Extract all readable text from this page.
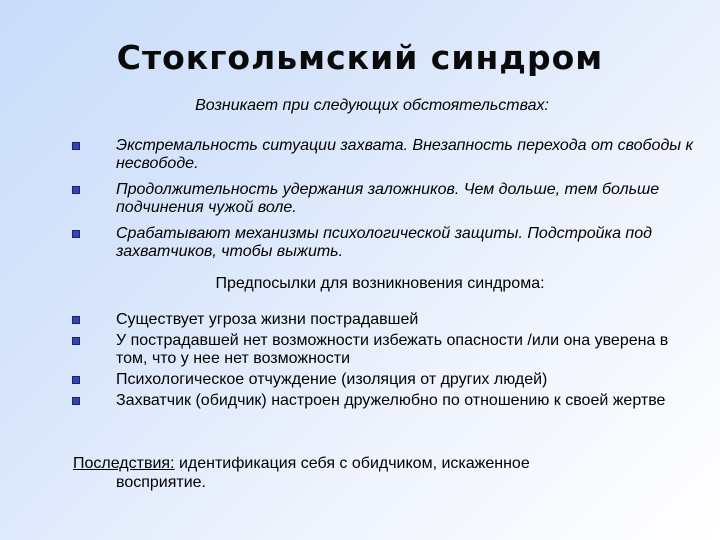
Стокгольмский синдром
Возникает при следующих обстоятельствах:
Экстремальность ситуации захвата. Внезапность перехода от свободы к несвободе.
Продолжительность удержания заложников. Чем дольше, тем больше подчинения чужой воле.
Срабатывают механизмы психологической защиты. Подстройка под захватчиков, чтобы выжить.
Предпосылки для возникновения синдрома:
Существует угроза жизни пострадавшей
У пострадавшей нет возможности избежать опасности /или она уверена в том, что у нее нет возможности
Психологическое отчуждение (изоляция от других людей)
Захватчик (обидчик) настроен дружелюбно по отношению к своей жертве
Последствия: идентификация себя с обидчиком, искаженное
восприятие.
